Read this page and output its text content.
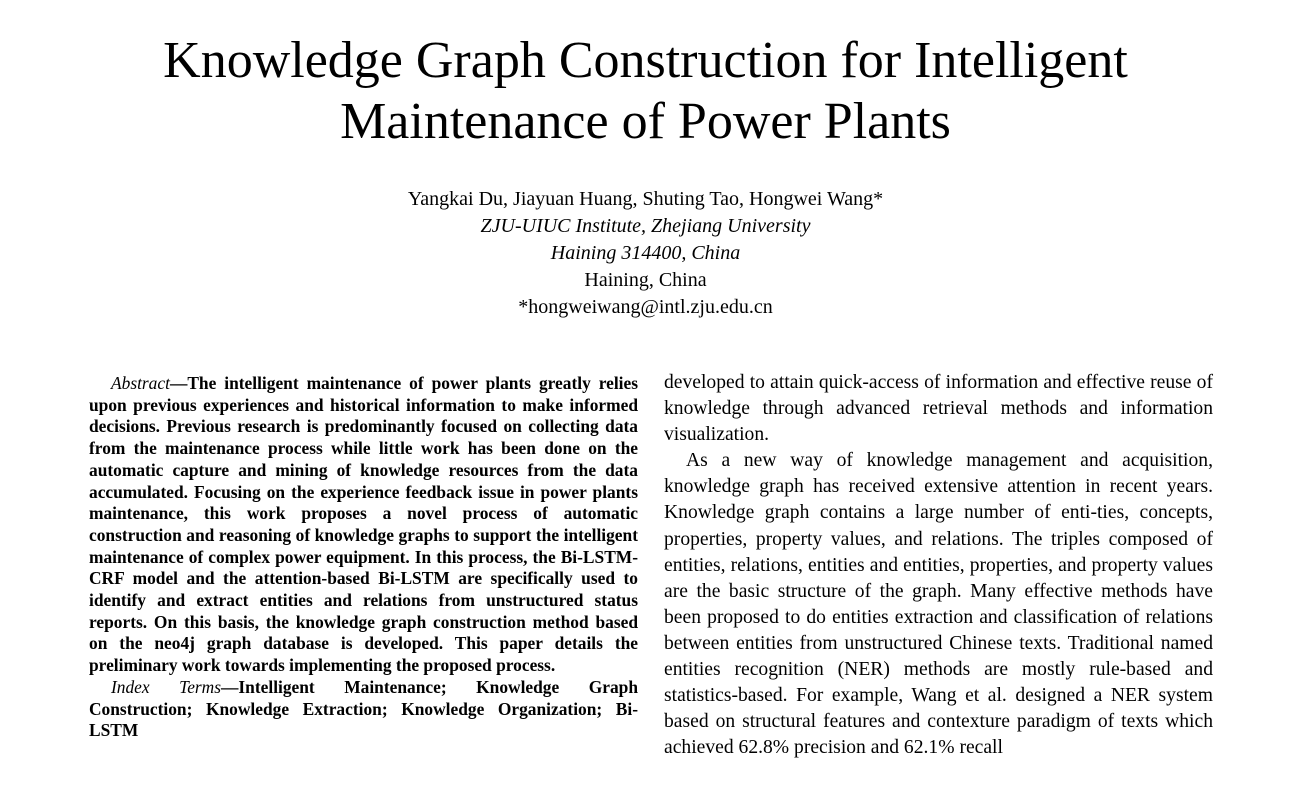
Knowledge Graph Construction for Intelligent
Maintenance of Power Plants
Yangkai Du, Jiayuan Huang, Shuting Tao, Hongwei Wang*
ZJU-UIUC Institute, Zhejiang University
Haining 314400, China
Haining, China
*hongweiwang@intl.zju.edu.cn

Abstract—The intelligent maintenance of power plants greatly relies upon previous experiences and historical information to make informed decisions. Previous research is predominantly focused on collecting data from the maintenance process while little work has been done on the automatic capture and mining of knowledge resources from the data accumulated. Focusing on the experience feedback issue in power plants maintenance, this work proposes a novel process of automatic construction and reasoning of knowledge graphs to support the intelligent maintenance of complex power equipment. In this process, the Bi-LSTM-CRF model and the attention-based Bi-LSTM are specifically used to identify and extract entities and relations from unstructured status reports. On this basis, the knowledge graph construction method based on the neo4j graph database is developed. This paper details the preliminary work towards implementing the proposed process.

Index Terms—Intelligent Maintenance; Knowledge Graph Construction; Knowledge Extraction; Knowledge Organization; Bi-LSTM

developed to attain quick-access of information and effective reuse of knowledge through advanced retrieval methods and information visualization.

As a new way of knowledge management and acquisition, knowledge graph has received extensive attention in recent years. Knowledge graph contains a large number of enti-ties, concepts, properties, property values, and relations. The triples composed of entities, relations, entities and entities, properties, and property values are the basic structure of the graph. Many effective methods have been proposed to do entities extraction and classification of relations between entities from unstructured Chinese texts. Traditional named entities recognition (NER) methods are mostly rule-based and statistics-based. For example, Wang et al. designed a NER system based on structural features and contexture paradigm of texts which achieved 62.8% precision and 62.1% recall
